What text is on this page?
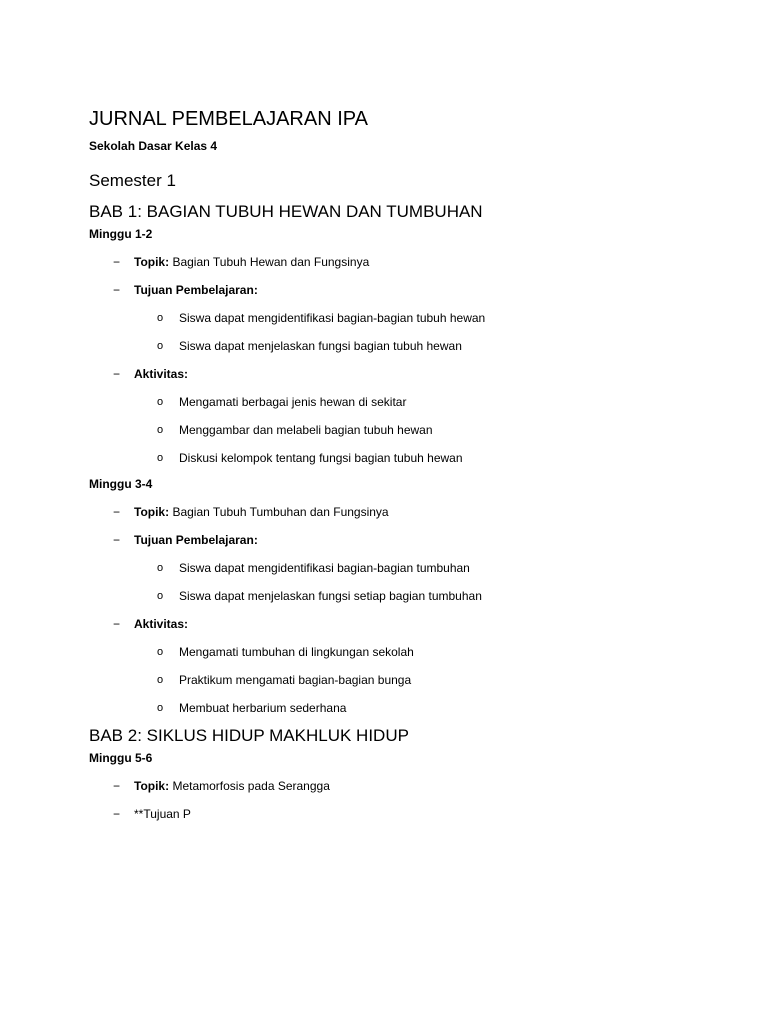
JURNAL PEMBELAJARAN IPA
Sekolah Dasar Kelas 4
Semester 1
BAB 1: BAGIAN TUBUH HEWAN DAN TUMBUHAN
Minggu 1-2
− Topik: Bagian Tubuh Hewan dan Fungsinya
− Tujuan Pembelajaran:
o Siswa dapat mengidentifikasi bagian-bagian tubuh hewan
o Siswa dapat menjelaskan fungsi bagian tubuh hewan
− Aktivitas:
o Mengamati berbagai jenis hewan di sekitar
o Menggambar dan melabeli bagian tubuh hewan
o Diskusi kelompok tentang fungsi bagian tubuh hewan
Minggu 3-4
− Topik: Bagian Tubuh Tumbuhan dan Fungsinya
− Tujuan Pembelajaran:
o Siswa dapat mengidentifikasi bagian-bagian tumbuhan
o Siswa dapat menjelaskan fungsi setiap bagian tumbuhan
− Aktivitas:
o Mengamati tumbuhan di lingkungan sekolah
o Praktikum mengamati bagian-bagian bunga
o Membuat herbarium sederhana
BAB 2: SIKLUS HIDUP MAKHLUK HIDUP
Minggu 5-6
− Topik: Metamorfosis pada Serangga
− **Tujuan P
